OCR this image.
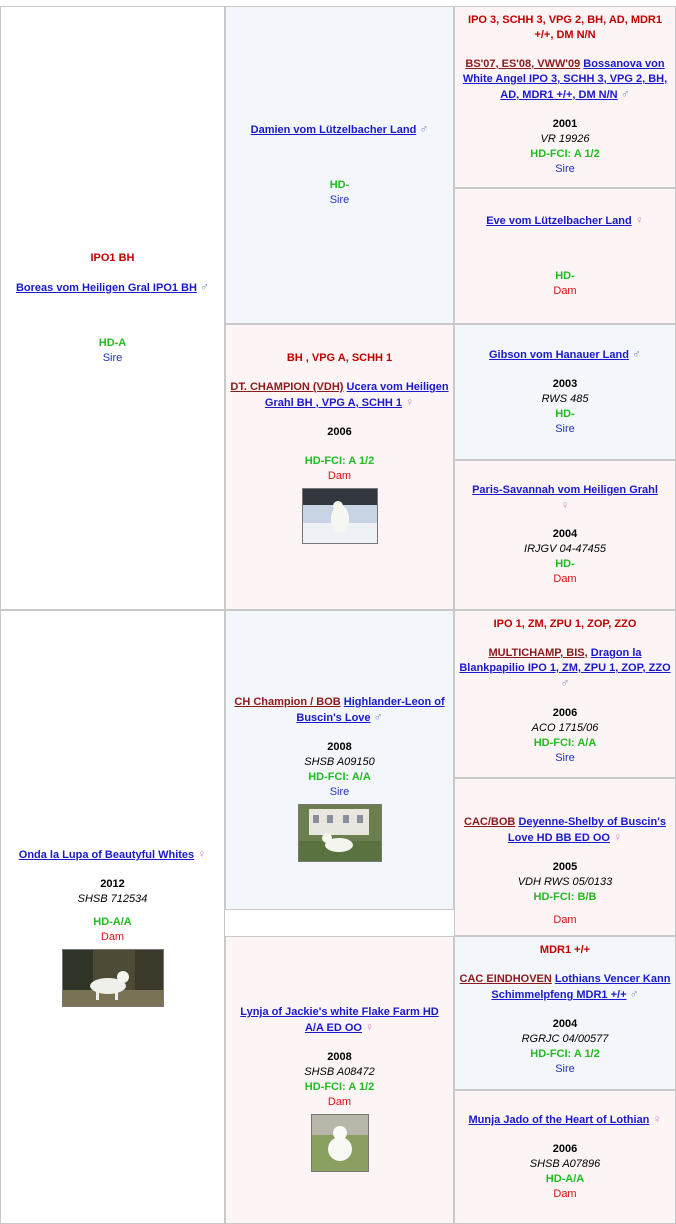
IPO1 BH
Boreas vom Heiligen Gral IPO1 BH ♂
HD-A
Sire
Onda la Lupa of Beautyful Whites ♀
2012
SHSB 712534
HD-A/A
Dam
Damien vom Lützelbacher Land ♂
HD-
Sire
BH , VPG A, SCHH 1
DT. CHAMPION (VDH) Ucera vom Heiligen Grahl BH , VPG A, SCHH 1 ♀
2006
HD-FCI: A 1/2
Dam
CH Champion / BOB Highlander-Leon of Buscin's Love ♂
2008
SHSB A09150
HD-FCI: A/A
Sire
Lynja of Jackie's white Flake Farm HD A/A ED OO ♀
2008
SHSB A08472
HD-FCI: A 1/2
Dam
IPO 3, SCHH 3, VPG 2, BH, AD, MDR1 +/+, DM N/N
BS'07, ES'08, VWW'09 Bossanova von White Angel IPO 3, SCHH 3, VPG 2, BH, AD, MDR1 +/+, DM N/N ♂
2001
VR 19926
HD-FCI: A 1/2
Sire
Eve vom Lützelbacher Land ♀
HD-
Dam
Gibson vom Hanauer Land ♂
2003
RWS 485
HD-
Sire
Paris-Savannah vom Heiligen Grahl
♀
2004
IRJGV 04-47455
HD-
Dam
IPO 1, ZM, ZPU 1, ZOP, ZZO
MULTICHAMP, BIS, Dragon la Blankpapilio IPO 1, ZM, ZPU 1, ZOP, ZZO ♂
2006
ACO 1715/06
HD-FCI: A/A
Sire
CAC/BOB Deyenne-Shelby of Buscin's Love HD BB ED OO ♀
2005
VDH RWS 05/0133
HD-FCI: B/B
Dam
MDR1 +/+
CAC EINDHOVEN Lothians Vencer Kann Schimmelpfeng MDR1 +/+ ♂
2004
RGRJC 04/00577
HD-FCI: A 1/2
Sire
Munja Jado of the Heart of Lothian ♀
2006
SHSB A07896
HD-A/A
Dam
